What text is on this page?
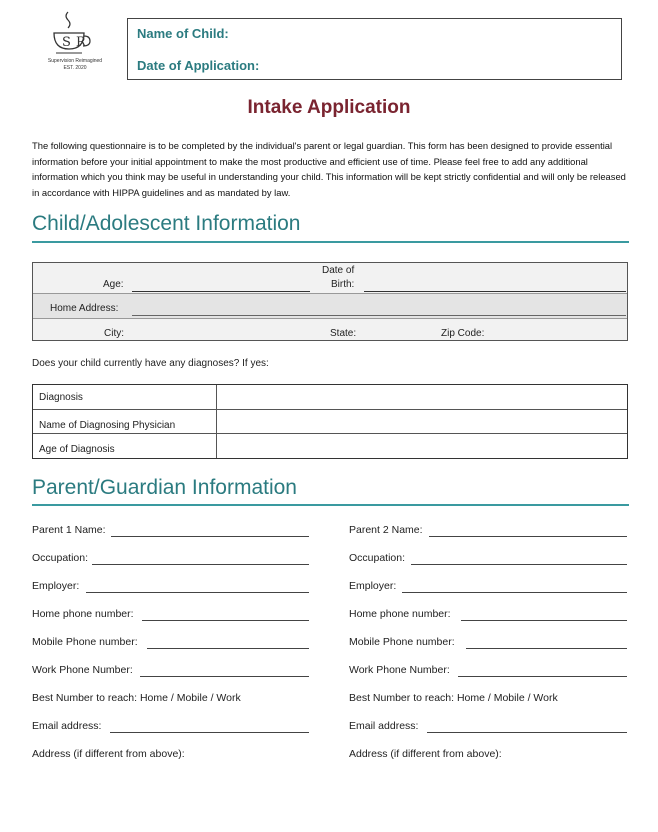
S R
Supervision Reimagined
EST. 2020
Name of Child:
Date of Application:
Intake Application
The following questionnaire is to be completed by the individual's parent or legal guardian. This form has been designed to provide essential information before your initial appointment to make the most productive and efficient use of time. Please feel free to add any additional information which you think may be useful in understanding your child. This information will be kept strictly confidential and will only be released in accordance with HIPPA guidelines and as mandated by law.
Child/Adolescent Information
Age:
Date of
Birth:
Home Address:
City:	State:	Zip Code:
Does your child currently have any diagnoses? If yes:
Diagnosis
Name of Diagnosing Physician
Age of Diagnosis
Parent/Guardian Information
Parent 1 Name:
Occupation:
Employer:
Home phone number:
Mobile Phone number:
Work Phone Number:
Best Number to reach: Home / Mobile / Work
Email address:
Address (if different from above):
Parent 2 Name:
Occupation:
Employer:
Home phone number:
Mobile Phone number:
Work Phone Number:
Best Number to reach: Home / Mobile / Work
Email address:
Address (if different from above):
